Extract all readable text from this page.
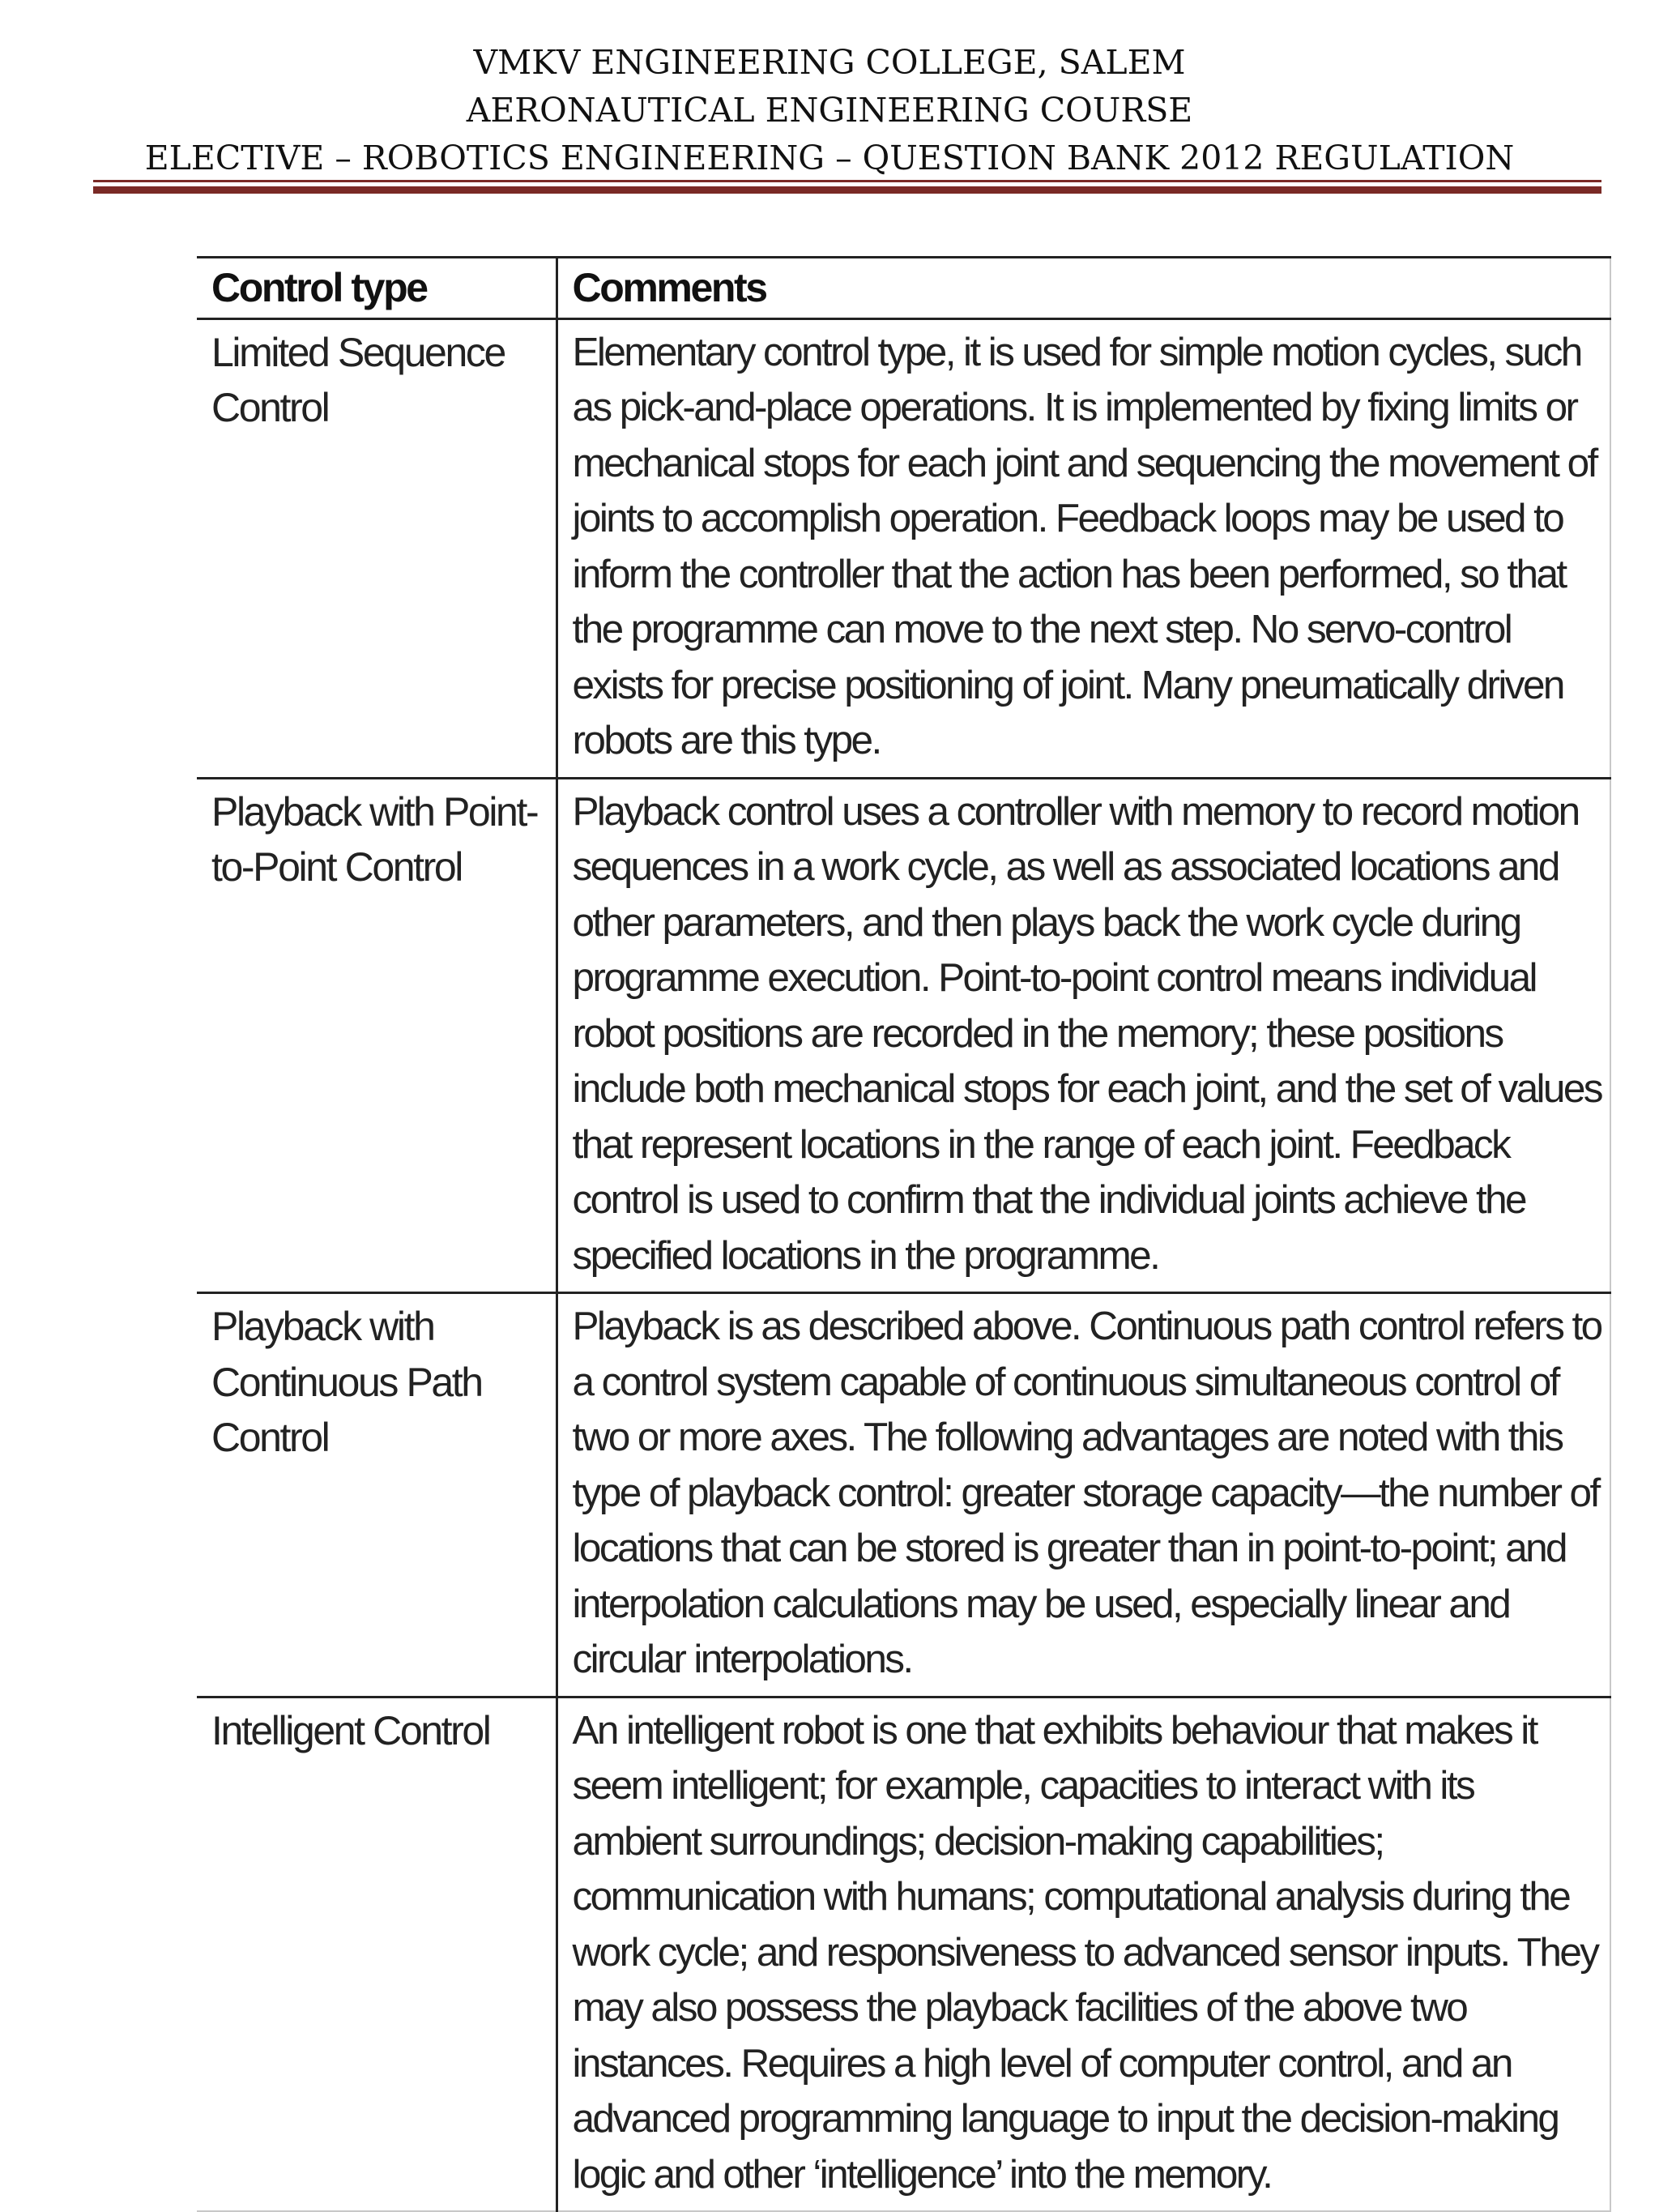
VMKV ENGINEERING COLLEGE, SALEM
AERONAUTICAL ENGINEERING COURSE
ELECTIVE – ROBOTICS ENGINEERING – QUESTION BANK 2012 REGULATION
Control type	Comments
Limited Sequence Control	Elementary control type, it is used for simple motion cycles, such as pick-and-place operations. It is implemented by fixing limits or mechanical stops for each joint and sequencing the movement of joints to accomplish operation. Feedback loops may be used to inform the controller that the action has been performed, so that the programme can move to the next step. No servo-control exists for precise positioning of joint. Many pneumatically driven robots are this type.
Playback with Point-to-Point Control	Playback control uses a controller with memory to record motion sequences in a work cycle, as well as associated locations and other parameters, and then plays back the work cycle during programme execution. Point-to-point control means individual robot positions are recorded in the memory; these positions include both mechanical stops for each joint, and the set of values that represent locations in the range of each joint. Feedback control is used to confirm that the individual joints achieve the specified locations in the programme.
Playback with Continuous Path Control	Playback is as described above. Continuous path control refers to a control system capable of continuous simultaneous control of two or more axes. The following advantages are noted with this type of playback control: greater storage capacity—the number of locations that can be stored is greater than in point-to-point; and interpolation calculations may be used, especially linear and circular interpolations.
Intelligent Control	An intelligent robot is one that exhibits behaviour that makes it seem intelligent; for example, capacities to interact with its ambient surroundings; decision-making capabilities; communication with humans; computational analysis during the work cycle; and responsiveness to advanced sensor inputs. They may also possess the playback facilities of the above two instances. Requires a high level of computer control, and an advanced programming language to input the decision-making logic and other ‘intelligence’ into the memory.
